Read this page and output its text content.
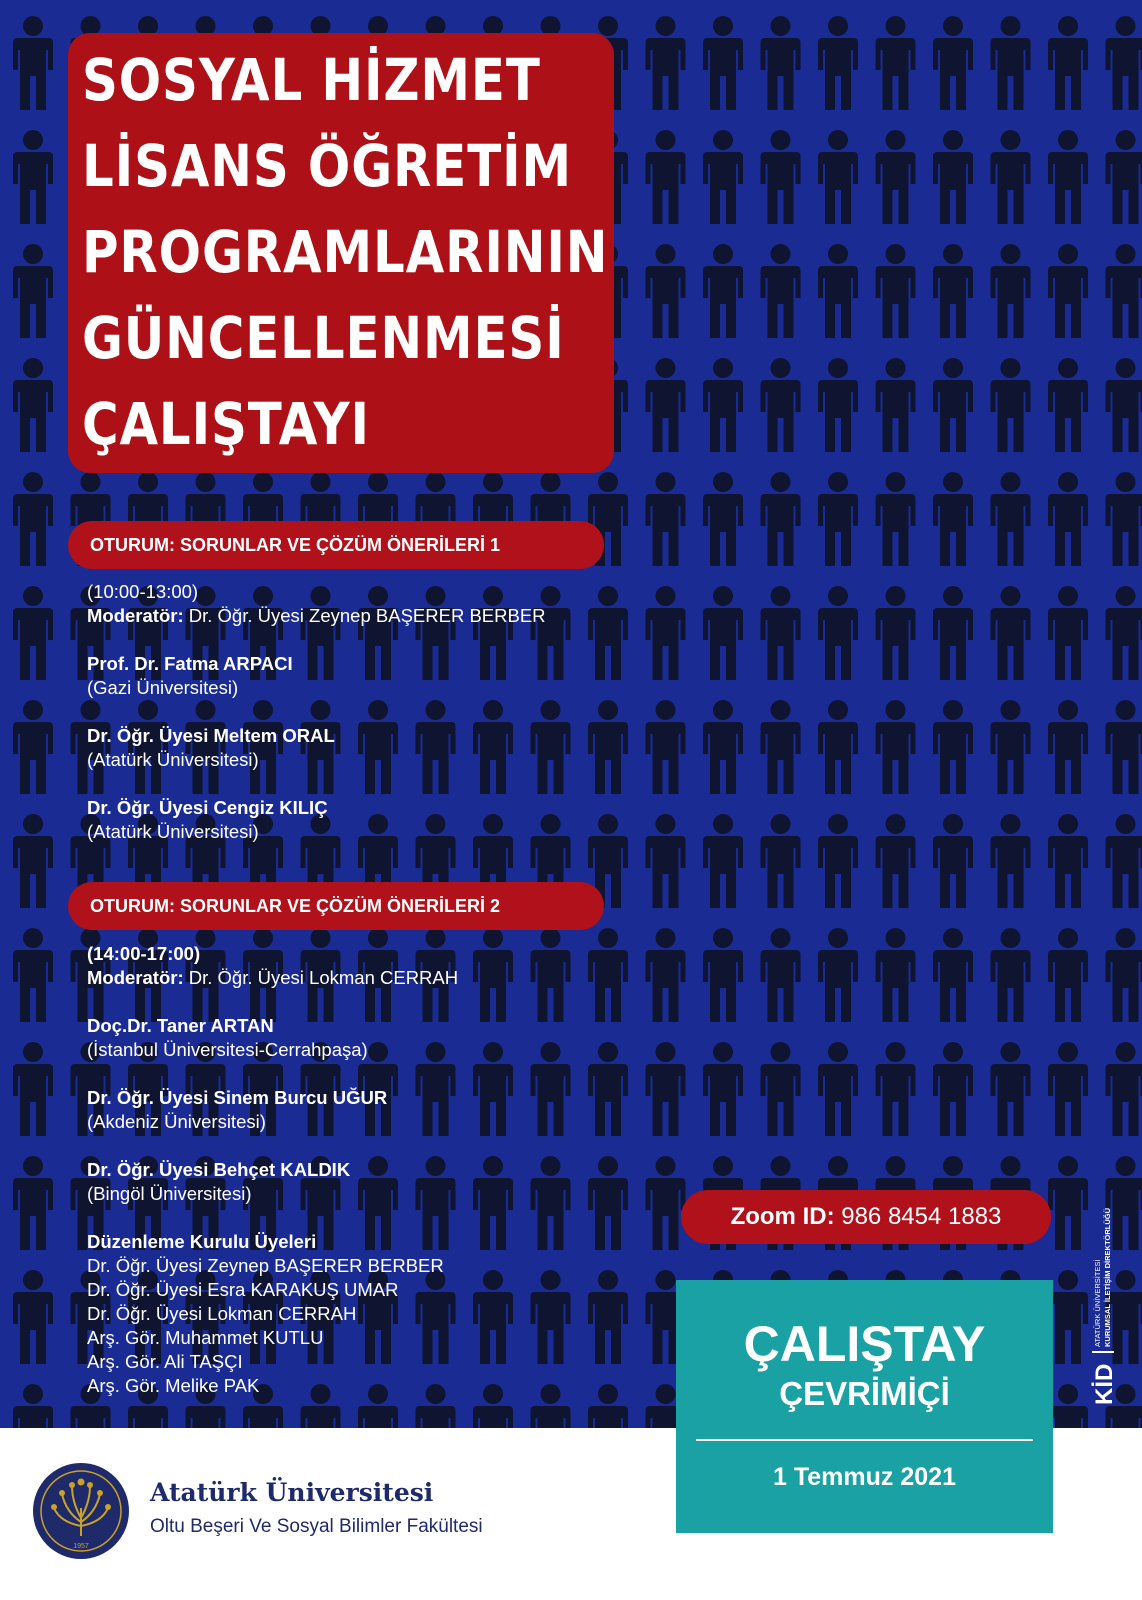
SOSYAL HİZMET
LİSANS ÖĞRETİM
PROGRAMLARININ
GÜNCELLENMESİ
ÇALIŞTAYI
OTURUM: SORUNLAR VE ÇÖZÜM ÖNERİLERİ 1
(10:00-13:00)
Moderatör: Dr. Öğr. Üyesi Zeynep BAŞERER BERBER
Prof. Dr. Fatma ARPACI
(Gazi Üniversitesi)
Dr. Öğr. Üyesi Meltem ORAL
(Atatürk Üniversitesi)
Dr. Öğr. Üyesi Cengiz KILIÇ
(Atatürk Üniversitesi)
OTURUM: SORUNLAR VE ÇÖZÜM ÖNERİLERİ 2
(14:00-17:00)
Moderatör: Dr. Öğr. Üyesi Lokman CERRAH
Doç.Dr. Taner ARTAN
(İstanbul Üniversitesi-Cerrahpaşa)
Dr. Öğr. Üyesi Sinem Burcu UĞUR
(Akdeniz Üniversitesi)
Dr. Öğr. Üyesi Behçet KALDIK
(Bingöl Üniversitesi)
Düzenleme Kurulu Üyeleri
Dr. Öğr. Üyesi Zeynep BAŞERER BERBER
Dr. Öğr. Üyesi Esra KARAKUŞ UMAR
Dr. Öğr. Üyesi Lokman CERRAH
Arş. Gör. Muhammet KUTLU
Arş. Gör. Ali TAŞÇI
Arş. Gör. Melike PAK
Zoom ID:
986 8454 1883
KİD
ATATÜRK ÜNİVERSİTESİ KURUMSAL İLETİŞİM DİREKTÖRLÜĞÜ
ÇALIŞTAY
ÇEVRİMİÇİ
1 Temmuz 2021
1957
Atatürk Üniversitesi
Oltu Beşeri Ve Sosyal Bilimler Fakültesi
